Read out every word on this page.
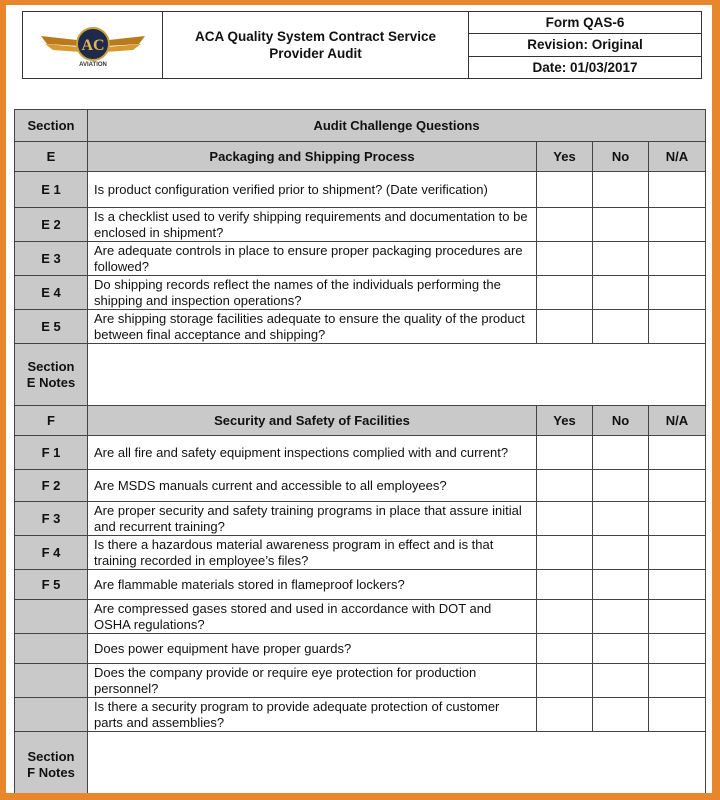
AC
AVIATION
ACA Quality System Contract Service
Provider Audit
Form QAS-6
Revision: Original
Date: 01/03/2017
Section	Audit Challenge Questions			
E	Packaging and Shipping Process	Yes	No	N/A
E 1	Is product configuration verified prior to shipment? (Date verification)			
E 2	Is a checklist used to verify shipping requirements and documentation to be enclosed in shipment?			
E 3	Are adequate controls in place to ensure proper packaging procedures are followed?			
E 4	Do shipping records reflect the names of the individuals performing the shipping and inspection operations?			
E 5	Are shipping storage facilities adequate to ensure the quality of the product between final acceptance and shipping?			

Section
E Notes				

F	Security and Safety of Facilities	Yes	No	N/A
F 1	Are all fire and safety equipment inspections complied with and current?			
F 2	Are MSDS manuals current and accessible to all employees?			
F 3	Are proper security and safety training programs in place that assure initial and recurrent training?			
F 4	Is there a hazardous material awareness program in effect and is that training recorded in employee’s files?			
F 5	Are flammable materials stored in flameproof lockers?			
	Are compressed gases stored and used in accordance with DOT and OSHA regulations?			
	Does power equipment have proper guards?			
	Does the company provide or require eye protection for production personnel?			
	Is there a security program to provide adequate protection of customer parts and assemblies?			

Section
F Notes				
